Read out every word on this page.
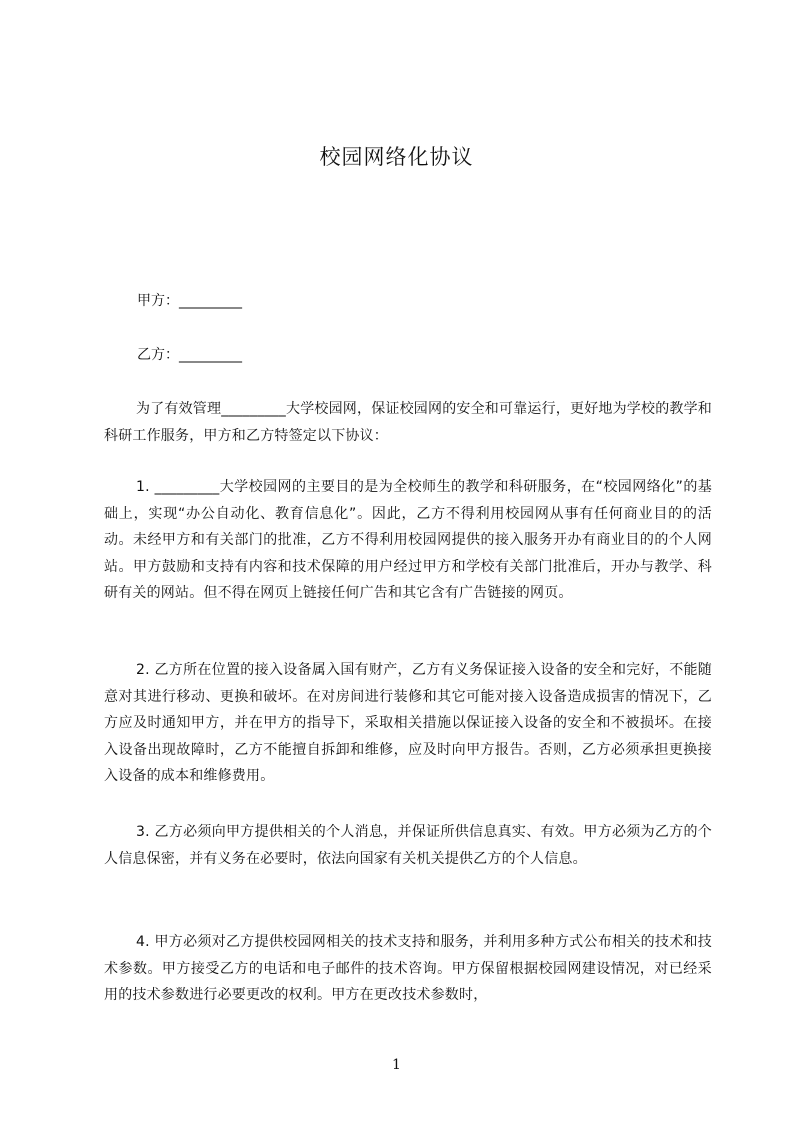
校园网络化协议
甲方：_________
乙方：_________

为了有效管理_________大学校园网，保证校园网的安全和可靠运行，更好地为学校的教学和科研工作服务，甲方和乙方特签定以下协议：

1. _________大学校园网的主要目的是为全校师生的教学和科研服务，在“校园网络化”的基础上，实现“办公自动化、教育信息化”。因此，乙方不得利用校园网从事有任何商业目的的活动。未经甲方和有关部门的批准，乙方不得利用校园网提供的接入服务开办有商业目的的个人网站。甲方鼓励和支持有内容和技术保障的用户经过甲方和学校有关部门批准后，开办与教学、科研有关的网站。但不得在网页上链接任何广告和其它含有广告链接的网页。

2. 乙方所在位置的接入设备属入国有财产，乙方有义务保证接入设备的安全和完好，不能随意对其进行移动、更换和破坏。在对房间进行装修和其它可能对接入设备造成损害的情况下，乙方应及时通知甲方，并在甲方的指导下，采取相关措施以保证接入设备的安全和不被损坏。在接入设备出现故障时，乙方不能擅自拆卸和维修，应及时向甲方报告。否则，乙方必须承担更换接入设备的成本和维修费用。

3. 乙方必须向甲方提供相关的个人消息，并保证所供信息真实、有效。甲方必须为乙方的个人信息保密，并有义务在必要时，依法向国家有关机关提供乙方的个人信息。

4. 甲方必须对乙方提供校园网相关的技术支持和服务，并利用多种方式公布相关的技术和技术参数。甲方接受乙方的电话和电子邮件的技术咨询。甲方保留根据校园网建设情况，对已经采用的技术参数进行必要更改的权利。甲方在更改技术参数时，

1
